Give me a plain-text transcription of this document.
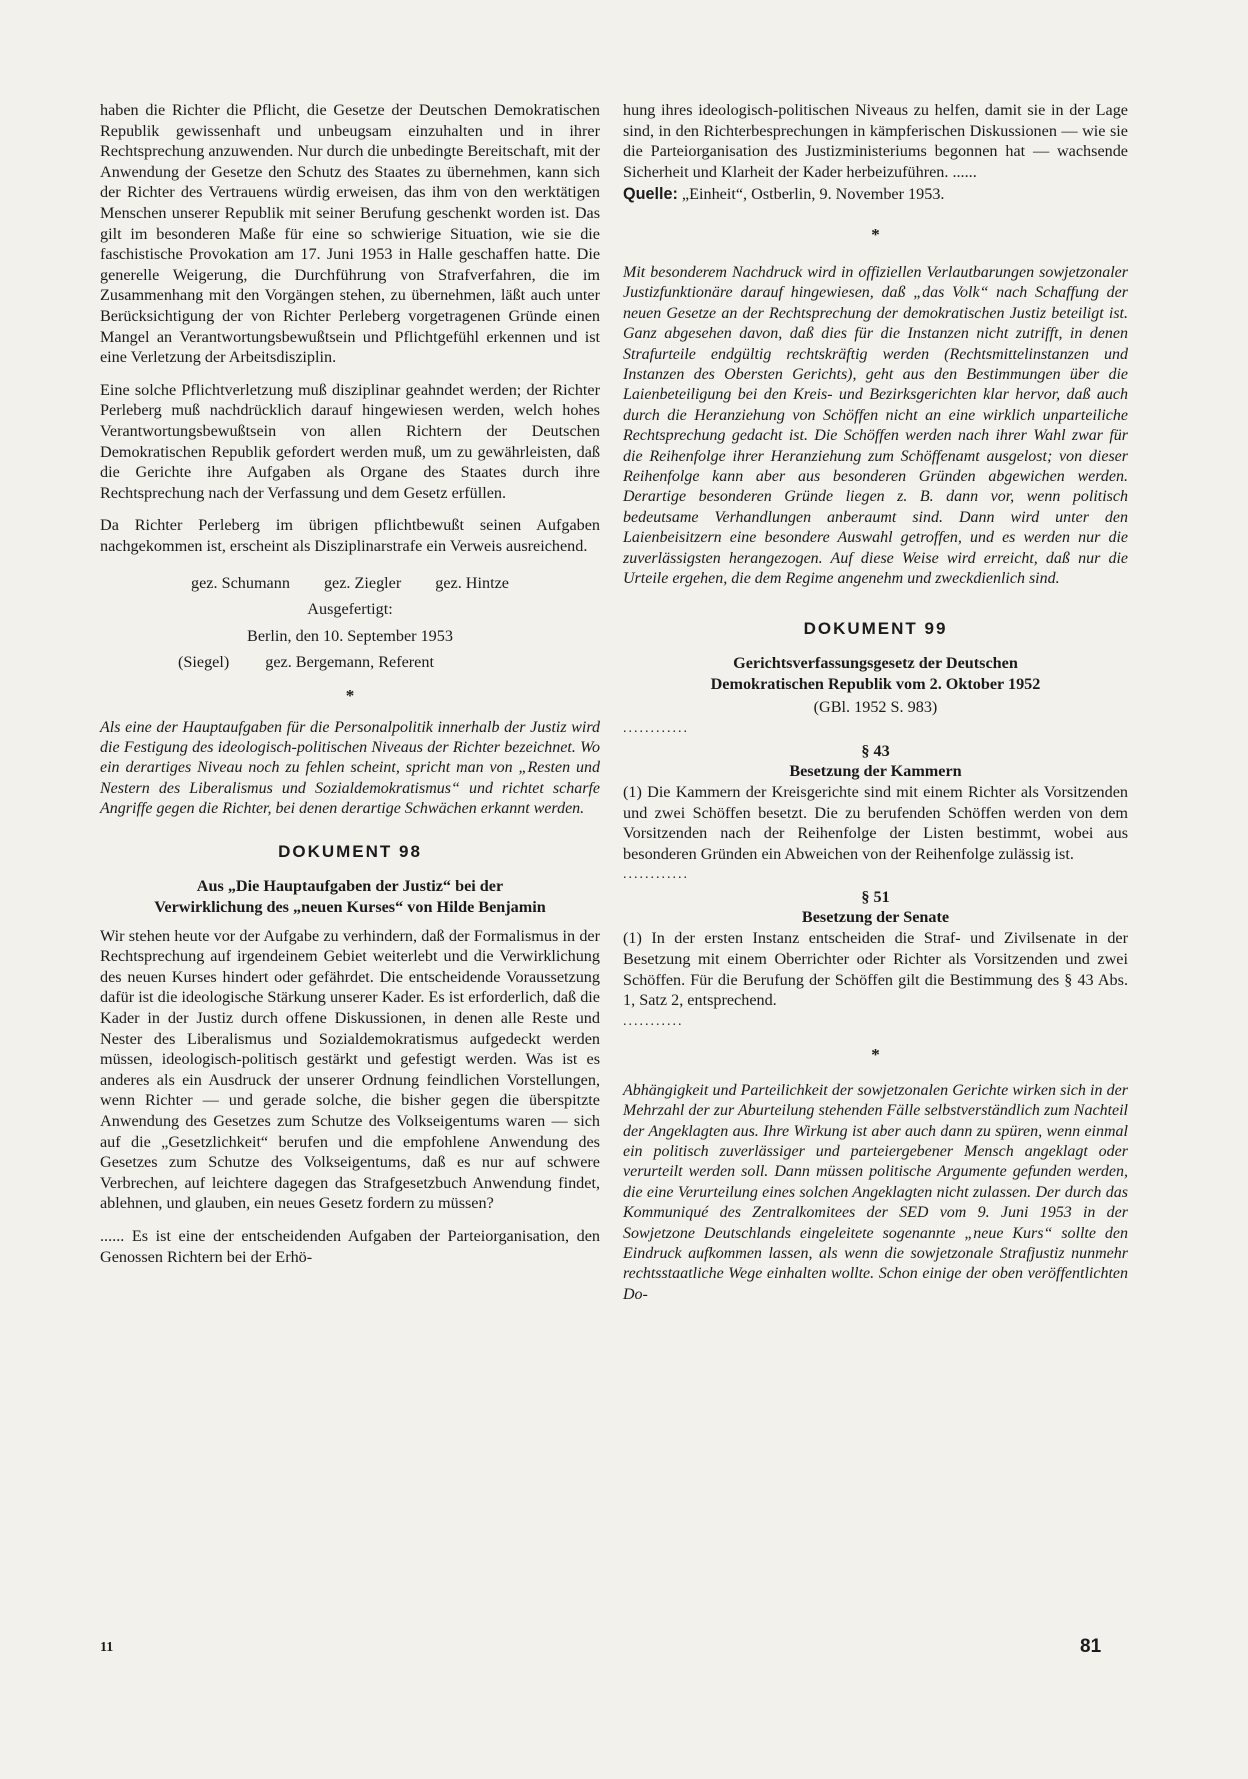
haben die Richter die Pflicht, die Gesetze der Deutschen Demokratischen Republik gewissenhaft und unbeugsam einzuhalten und in ihrer Rechtsprechung anzuwenden. Nur durch die unbedingte Bereitschaft, mit der Anwendung der Gesetze den Schutz des Staates zu übernehmen, kann sich der Richter des Vertrauens würdig erweisen, das ihm von den werktätigen Menschen unserer Republik mit seiner Berufung geschenkt worden ist. Das gilt im besonderen Maße für eine so schwierige Situation, wie sie die faschistische Provokation am 17. Juni 1953 in Halle geschaffen hatte. Die generelle Weigerung, die Durchführung von Strafverfahren, die im Zusammenhang mit den Vorgängen stehen, zu übernehmen, läßt auch unter Berücksichtigung der von Richter Perleberg vorgetragenen Gründe einen Mangel an Verantwortungsbewußtsein und Pflichtgefühl erkennen und ist eine Verletzung der Arbeitsdisziplin.

Eine solche Pflichtverletzung muß disziplinar geahndet werden; der Richter Perleberg muß nachdrücklich darauf hingewiesen werden, welch hohes Verantwortungsbewußtsein von allen Richtern der Deutschen Demokratischen Republik gefordert werden muß, um zu gewährleisten, daß die Gerichte ihre Aufgaben als Organe des Staates durch ihre Rechtsprechung nach der Verfassung und dem Gesetz erfüllen.

Da Richter Perleberg im übrigen pflichtbewußt seinen Aufgaben nachgekommen ist, erscheint als Disziplinarstrafe ein Verweis ausreichend.

gez. Schumann gez. Ziegler gez. Hintze
Ausgefertigt:
Berlin, den 10. September 1953
(Siegel) gez. Bergemann, Referent
*

Als eine der Hauptaufgaben für die Personalpolitik innerhalb der Justiz wird die Festigung des ideologisch-politischen Niveaus der Richter bezeichnet. Wo ein derartiges Niveau noch zu fehlen scheint, spricht man von „Resten und Nestern des Liberalismus und Sozialdemokratismus“ und richtet scharfe Angriffe gegen die Richter, bei denen derartige Schwächen erkannt werden.

DOKUMENT 98
Aus „Die Hauptaufgaben der Justiz“ bei der
Verwirklichung des „neuen Kurses“ von Hilde Benjamin

Wir stehen heute vor der Aufgabe zu verhindern, daß der Formalismus in der Rechtsprechung auf irgendeinem Gebiet weiterlebt und die Verwirklichung des neuen Kurses hindert oder gefährdet. Die entscheidende Voraussetzung dafür ist die ideologische Stärkung unserer Kader. Es ist erforderlich, daß die Kader in der Justiz durch offene Diskussionen, in denen alle Reste und Nester des Liberalismus und Sozialdemokratismus aufgedeckt werden müssen, ideologisch-politisch gestärkt und gefestigt werden. Was ist es anderes als ein Ausdruck der unserer Ordnung feindlichen Vorstellungen, wenn Richter — und gerade solche, die bisher gegen die überspitzte Anwendung des Gesetzes zum Schutze des Volkseigentums waren — sich auf die „Gesetzlichkeit“ berufen und die empfohlene Anwendung des Gesetzes zum Schutze des Volkseigentums, daß es nur auf schwere Verbrechen, auf leichtere dagegen das Strafgesetzbuch Anwendung findet, ablehnen, und glauben, ein neues Gesetz fordern zu müssen?

...... Es ist eine der entscheidenden Aufgaben der Parteiorganisation, den Genossen Richtern bei der Erhö-

hung ihres ideologisch-politischen Niveaus zu helfen, damit sie in der Lage sind, in den Richterbesprechungen in kämpferischen Diskussionen — wie sie die Parteiorganisation des Justizministeriums begonnen hat — wachsende Sicherheit und Klarheit der Kader herbeizuführen. ......

Quelle: „Einheit“, Ostberlin, 9. November 1953.

*

Mit besonderem Nachdruck wird in offiziellen Verlautbarungen sowjetzonaler Justizfunktionäre darauf hingewiesen, daß „das Volk“ nach Schaffung der neuen Gesetze an der Rechtsprechung der demokratischen Justiz beteiligt ist. Ganz abgesehen davon, daß dies für die Instanzen nicht zutrifft, in denen Strafurteile endgültig rechtskräftig werden (Rechtsmittelinstanzen und Instanzen des Obersten Gerichts), geht aus den Bestimmungen über die Laienbeteiligung bei den Kreis- und Bezirksgerichten klar hervor, daß auch durch die Heranziehung von Schöffen nicht an eine wirklich unparteiliche Rechtsprechung gedacht ist. Die Schöffen werden nach ihrer Wahl zwar für die Reihenfolge ihrer Heranziehung zum Schöffenamt ausgelost; von dieser Reihenfolge kann aber aus besonderen Gründen abgewichen werden. Derartige besonderen Gründe liegen z. B. dann vor, wenn politisch bedeutsame Verhandlungen anberaumt sind. Dann wird unter den Laienbeisitzern eine besondere Auswahl getroffen, und es werden nur die zuverlässigsten herangezogen. Auf diese Weise wird erreicht, daß nur die Urteile ergehen, die dem Regime angenehm und zweckdienlich sind.

DOKUMENT 99
Gerichtsverfassungsgesetz der Deutschen
Demokratischen Republik vom 2. Oktober 1952
(GBl. 1952 S. 983)
............
§ 43
Besetzung der Kammern

(1) Die Kammern der Kreisgerichte sind mit einem Richter als Vorsitzenden und zwei Schöffen besetzt. Die zu berufenden Schöffen werden von dem Vorsitzenden nach der Reihenfolge der Listen bestimmt, wobei aus besonderen Gründen ein Abweichen von der Reihenfolge zulässig ist.

............
§ 51
Besetzung der Senate

(1) In der ersten Instanz entscheiden die Straf- und Zivilsenate in der Besetzung mit einem Oberrichter oder Richter als Vorsitzenden und zwei Schöffen. Für die Berufung der Schöffen gilt die Bestimmung des § 43 Abs. 1, Satz 2, entsprechend.

...........
*

Abhängigkeit und Parteilichkeit der sowjetzonalen Gerichte wirken sich in der Mehrzahl der zur Aburteilung stehenden Fälle selbstverständlich zum Nachteil der Angeklagten aus. Ihre Wirkung ist aber auch dann zu spüren, wenn einmal ein politisch zuverlässiger und parteiergebener Mensch angeklagt oder verurteilt werden soll. Dann müssen politische Argumente gefunden werden, die eine Verurteilung eines solchen Angeklagten nicht zulassen. Der durch das Kommuniqué des Zentralkomitees der SED vom 9. Juni 1953 in der Sowjetzone Deutschlands eingeleitete sogenannte „neue Kurs“ sollte den Eindruck aufkommen lassen, als wenn die sowjetzonale Strafjustiz nunmehr rechtsstaatliche Wege einhalten wollte. Schon einige der oben veröffentlichten Do-

11	81
